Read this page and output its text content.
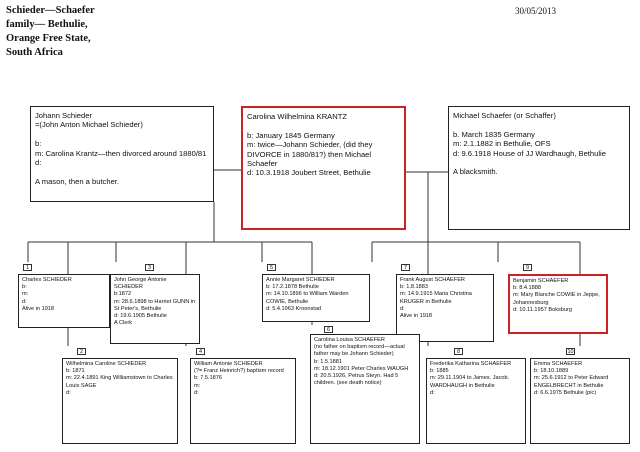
Schieder—Schaefer
family— Bethulie,
Orange Free State,
South Africa
30/05/2013
Johann Schieder
=(John Anton Michael Schieder)

b:
m: Carolina Krantz—then divorced around 1880/81
d:

A mason, then a butcher.
Carolina Wilhelmina KRANTZ

b: January 1845 Germany
m: twice—Johann Schieder, (did they DIVORCE in 1880/81?) then Michael Schaefer
d: 10.3.1918 Joubert Street, Bethulie
Michael Schaefer (or Schaffer)

b. March 1835 Germany
m: 2.1.1882 in Bethulie, OFS
d: 9.6.1918 House of JJ Wardhaugh, Bethulie

A blacksmith.
Charles SCHIEDER
b:
m:
d:
Alive in 1918
1
John George Antonie SCHIEDER
b:1872
m: 28.6.1898 to Harriet GUNN in St Peter's, Bethulie
d: 19.6.1905 Bethulie
A Clerk
3
Annie Margaret SCHIEDER
b: 17.2.1878 Bethulie
m: 14.10.1896 to William Warden COWIE, Bethulie
d: 5.4.1963 Kroonstad
5
Frank August SCHAEFER
b: 1.8.1883
m: 14.9.1915 Maria Christina KRUGER in Bethulie
d:
Alive in 1918
7
Benjamin SCHAEFER
b: 8.4.1888
m: Mary Blanche COWIE in Jeppe, Johannesburg
d: 10.11.1957 Boksburg
9
Wilhelmina Caroline SCHIEDER
b: 1871
m: 22.4.1891 King Williamstown to Charles Louis SAGE
d:
2
William Antonie SCHIEDER
(?= Franz Heinrich?) baptism record
b: 7.5.1876
m:
d:
4
Carolina Louisa SCHAEFER
(no father on baptism record—actual father may be Johann Schieder)
b: 1.5.1881
m: 18.12.1901 Peter Charles WAUGH
d: 20.5.1926, Petrus Steyn. Had 5 children. (see death notice)
6
Frederika Katharina SCHAEFER
b: 1885
m: 29.11.1904 to James. Jacob. WARDHAUGH in Bethulie
d:
8
Emma SCHAEFER
b: 18.10.1889
m: 25.6.1912 to Peter Edward ENGELBRECHT in Bethulie
d: 6.6.1975 Bethulie (pic)
10
